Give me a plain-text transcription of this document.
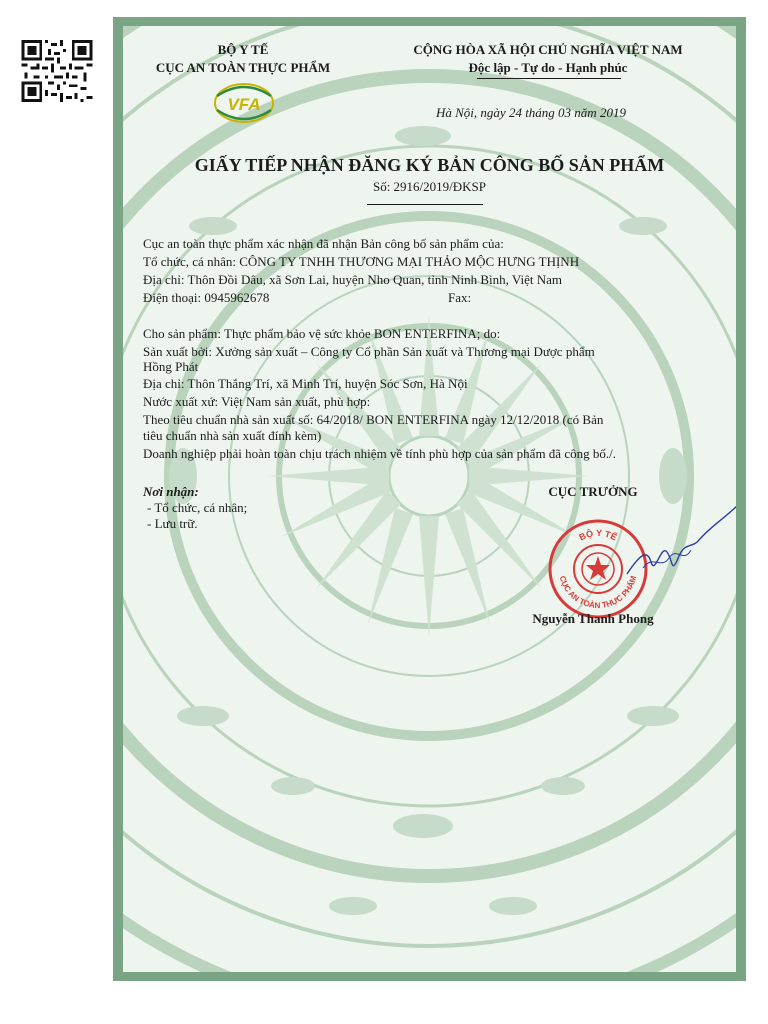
BỘ Y TẾ
CỤC AN TOÀN THỰC PHẨM
VFA
CỘNG HÒA XÃ HỘI CHỦ NGHĨA VIỆT NAM
Độc lập - Tự do - Hạnh phúc
Hà Nội, ngày 24 tháng 03 năm 2019
GIẤY TIẾP NHẬN ĐĂNG KÝ BẢN CÔNG BỐ SẢN PHẨM
Số: 2916/2019/ĐKSP
Cục an toàn thực phẩm xác nhận đã nhận Bản công bố sản phẩm của:
Tổ chức, cá nhân: CÔNG TY TNHH THƯƠNG MẠI THẢO MỘC HƯNG THỊNH
Địa chỉ: Thôn Đồi Dâu, xã Sơn Lai, huyện Nho Quan, tỉnh Ninh Bình, Việt Nam
Điện thoại: 0945962678	Fax:
Cho sản phẩm: Thực phẩm bảo vệ sức khỏe BON ENTERFINA; do:
Sản xuất bởi: Xưởng sản xuất – Công ty Cổ phần Sản xuất và Thương mại Dược phẩm
Hồng Phát
Địa chỉ: Thôn Thắng Trí, xã Minh Trí, huyện Sóc Sơn, Hà Nội
Nước xuất xứ: Việt Nam sản xuất, phù hợp:
Theo tiêu chuẩn nhà sản xuất số: 64/2018/ BON ENTERFINA ngày 12/12/2018 (có Bản
tiêu chuẩn nhà sản xuất đính kèm)
Doanh nghiệp phải hoàn toàn chịu trách nhiệm về tính phù hợp của sản phẩm đã công bố./.
Nơi nhận:
- Tổ chức, cá nhân;
- Lưu trữ.
CỤC TRƯỞNG
BỘ Y TẾ
CỤC AN TOÀN THỰC PHẨM
Nguyễn Thanh Phong
